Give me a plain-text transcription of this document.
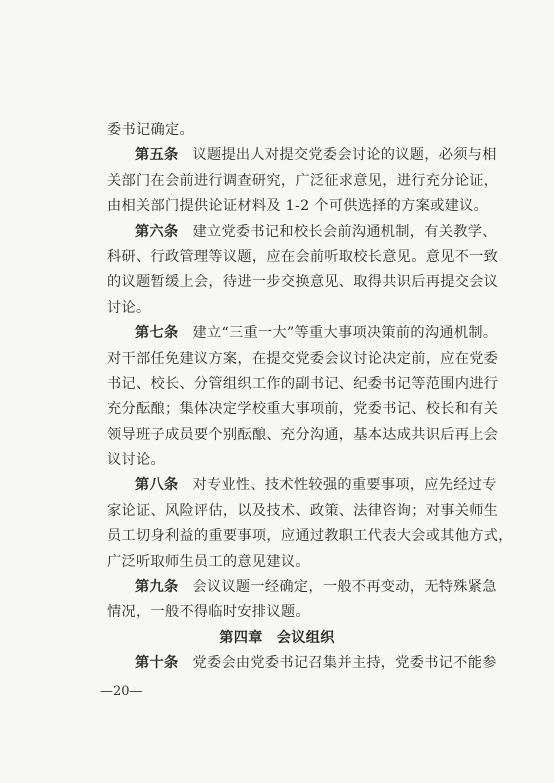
委书记确定。
第五条 议题提出人对提交党委会讨论的议题，必须与相
关部门在会前进行调查研究，广泛征求意见，进行充分论证，
由相关部门提供论证材料及 1-2 个可供选择的方案或建议。
第六条 建立党委书记和校长会前沟通机制，有关教学、
科研、行政管理等议题，应在会前听取校长意见。意见不一致
的议题暂缓上会，待进一步交换意见、取得共识后再提交会议
讨论。
第七条 建立“三重一大”等重大事项决策前的沟通机制。
对干部任免建议方案，在提交党委会议讨论决定前，应在党委
书记、校长、分管组织工作的副书记、纪委书记等范围内进行
充分酝酿；集体决定学校重大事项前，党委书记、校长和有关
领导班子成员要个别酝酿、充分沟通，基本达成共识后再上会
议讨论。
第八条 对专业性、技术性较强的重要事项，应先经过专
家论证、风险评估，以及技术、政策、法律咨询；对事关师生
员工切身利益的重要事项，应通过教职工代表大会或其他方式，
广泛听取师生员工的意见建议。
第九条 会议议题一经确定，一般不再变动，无特殊紧急
情况，一般不得临时安排议题。
第四章 会议组织
第十条 党委会由党委书记召集并主持，党委书记不能参
—20—
